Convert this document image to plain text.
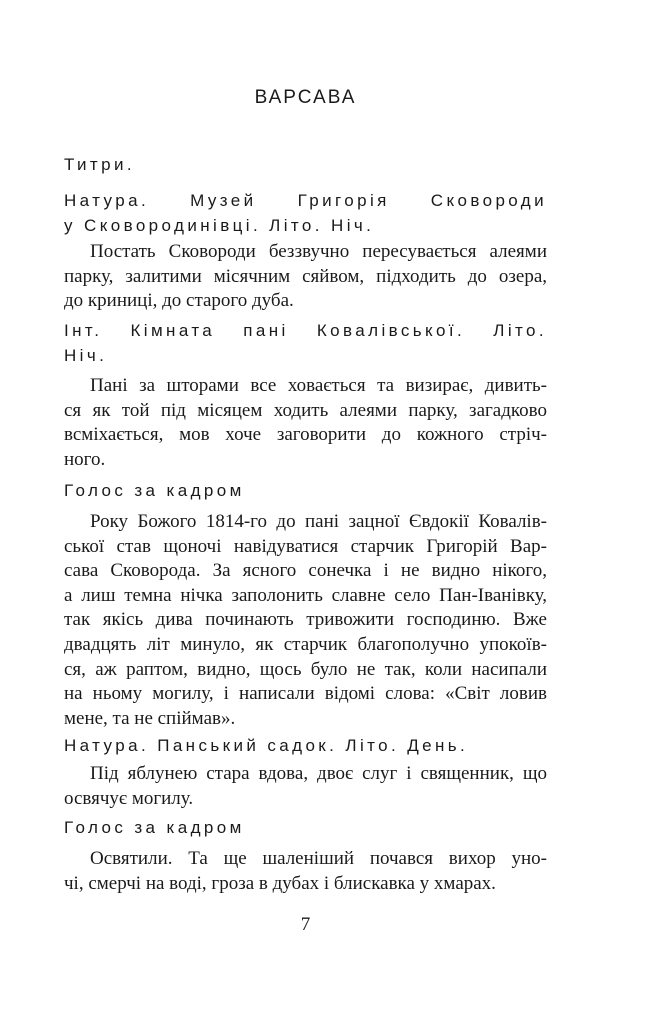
ВАРСАВА
Титри.
Натура. Музей Григорія Сковороди
у Сковородинівці. Літо. Ніч.
Постать Сковороди беззвучно пересувається алеями
парку, залитими місячним сяйвом, підходить до озера,
до криниці, до старого дуба.
Інт. Кімната пані Ковалівської. Літо.
Ніч.
Пані за шторами все ховається та визирає, дивить-
ся як той під місяцем ходить алеями парку, загадково
всміхається, мов хоче заговорити до кожного стріч-
ного.
Голос за кадром
Року Божого 1814-го до пані зацної Євдокії Ковалів-
ської став щоночі навідуватися старчик Григорій Вар-
сава Сковорода. За ясного сонечка і не видно нікого,
а лиш темна нічка заполонить славне село Пан-Іванівку,
так якісь дива починають тривожити господиню. Вже
двадцять літ минуло, як старчик благополучно упокоїв-
ся, аж раптом, видно, щось було не так, коли насипали
на ньому могилу, і написали відомі слова: «Світ ловив
мене, та не спіймав».
Натура. Панський садок. Літо. День.
Під яблунею стара вдова, двоє слуг і священник, що
освячує могилу.
Голос за кадром
Освятили. Та ще шаленіший почався вихор уно-
чі, смерчі на воді, гроза в дубах і блискавка у хмарах.
7
